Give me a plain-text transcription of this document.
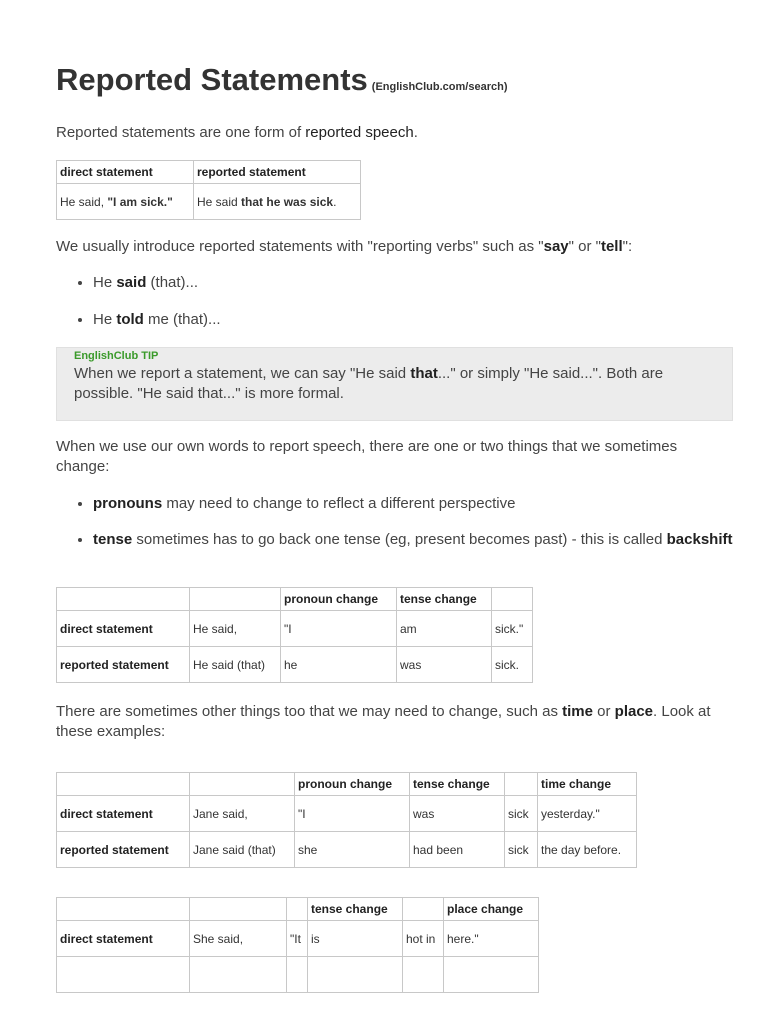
Reported Statements (EnglishClub.com/search)

Reported statements are one form of reported speech.

direct statement	reported statement
He said, "I am sick."	He said that he was sick.

We usually introduce reported statements with "reporting verbs" such as "say" or "tell":

• He said (that)...
• He told me (that)...
EnglishClub TIP
When we report a statement, we can say "He said that..." or simply "He said...". Both are possible. "He said that..." is more formal.

When we use our own words to report speech, there are one or two things that we sometimes change:

• pronouns may need to change to reflect a different perspective
• tense sometimes has to go back one tense (eg, present becomes past) - this is called backshift
		pronoun change	tense change	
direct statement	He said,	"I	am	sick."
reported statement	He said (that)	he	was	sick.

There are sometimes other things too that we may need to change, such as time or place. Look at these examples:

		pronoun change	tense change		time change
direct statement	Jane said,	"I	was	sick	yesterday."
reported statement	Jane said (that)	she	had been	sick	the day before.
			tense change		place change
direct statement	She said,	"It	is	hot in	here."
